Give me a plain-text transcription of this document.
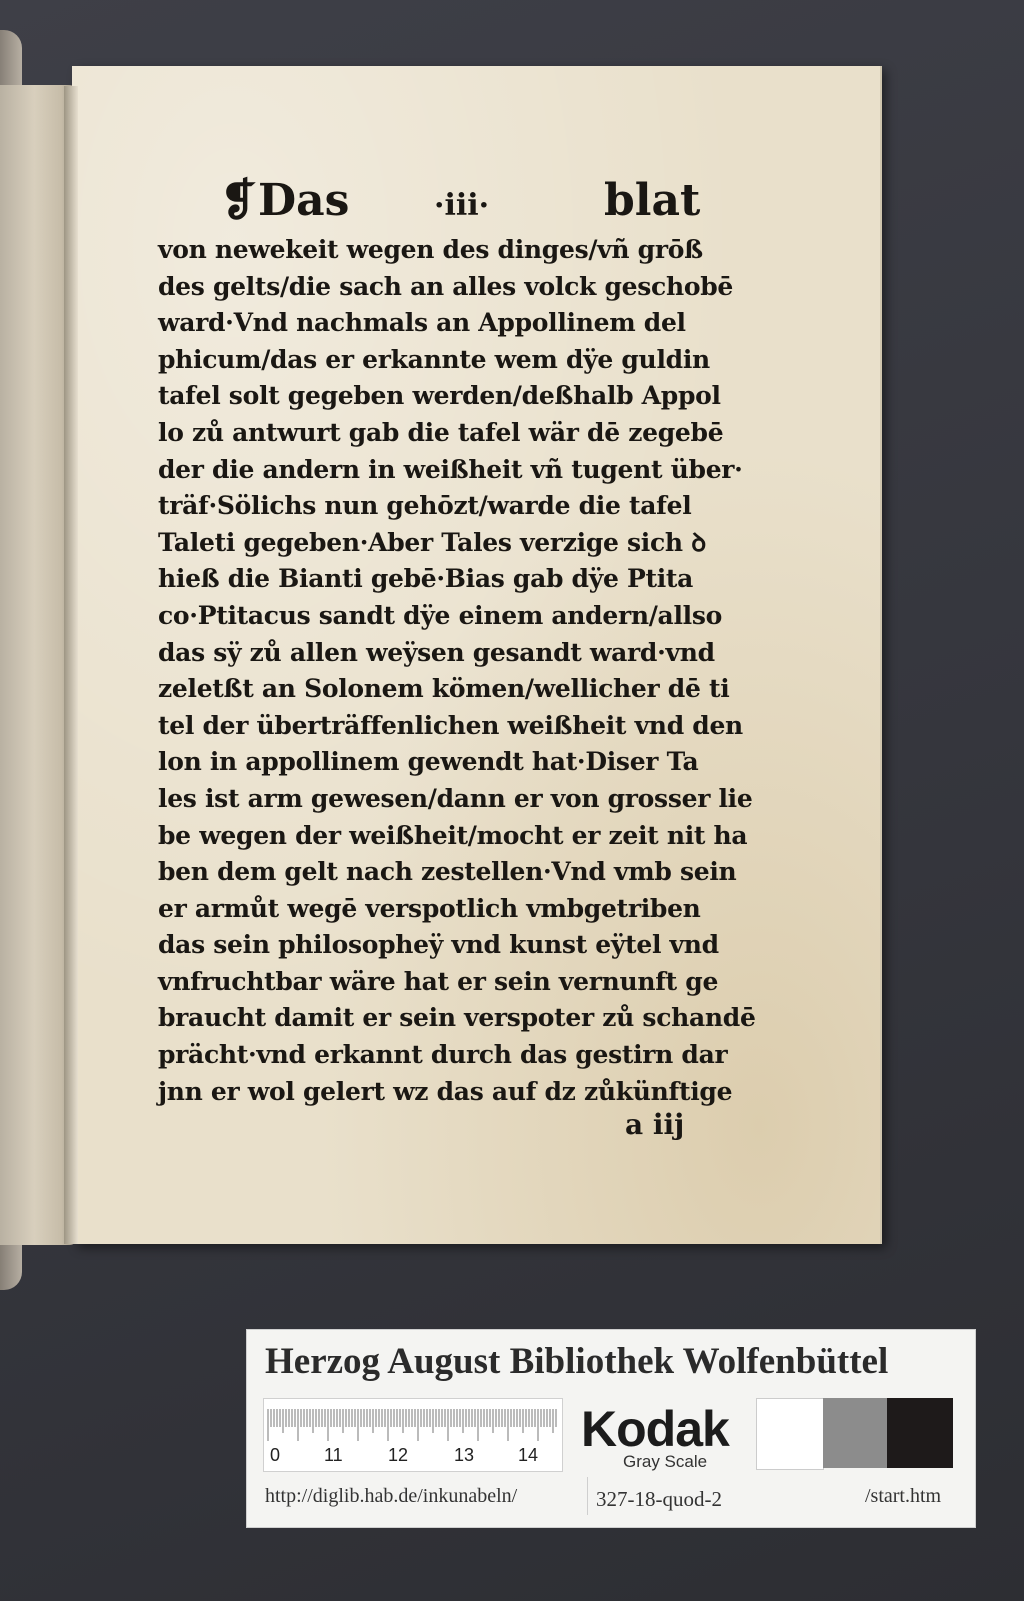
❡ Das	·iii·	blat
von newekeit wegen des dinges/vñ grōß
des gelts/die sach an alles volck geschobē
ward·Vnd nachmals an Appollinem del
phicum/das er erkannte wem dÿe guldin
tafel solt gegeben werden/deßhalb Appol
lo zů antwurt gab die tafel wär dē zegebē
der die andern in weißheit vñ tugent über·
träf·Sölichs nun gehōzt/warde die tafel
Taleti gegeben·Aber Tales verzige sich ꝺ
hieß die Bianti gebē·Bias gab dÿe Ptita
co·Ptitacus sandt dÿe einem andern/allso
das sÿ zů allen weÿsen gesandt ward·vnd
zeletßt an Solonem kömen/wellicher dē ti
tel der überträffenlichen weißheit vnd den
lon in appollinem gewendt hat·Diser Ta
les ist arm gewesen/dann er von grosser lie
be wegen der weißheit/mocht er zeit nit ha
ben dem gelt nach zestellen·Vnd vmb sein
er armůt wegē verspotlich vmbgetriben
das sein philosopheÿ vnd kunst eÿtel vnd
vnfruchtbar wäre hat er sein vernunft ge
braucht damit er sein verspoter zů schandē
prächt·vnd erkannt durch das gestirn dar
jnn er wol gelert wz das auf dz zůkünftige
a iij
Herzog August Bibliothek Wolfenbüttel
0 11	12	13 14 Kodak
Gray Scale
http://diglib.hab.de/inkunabeln/	327-18-quod-2	/start.htm
